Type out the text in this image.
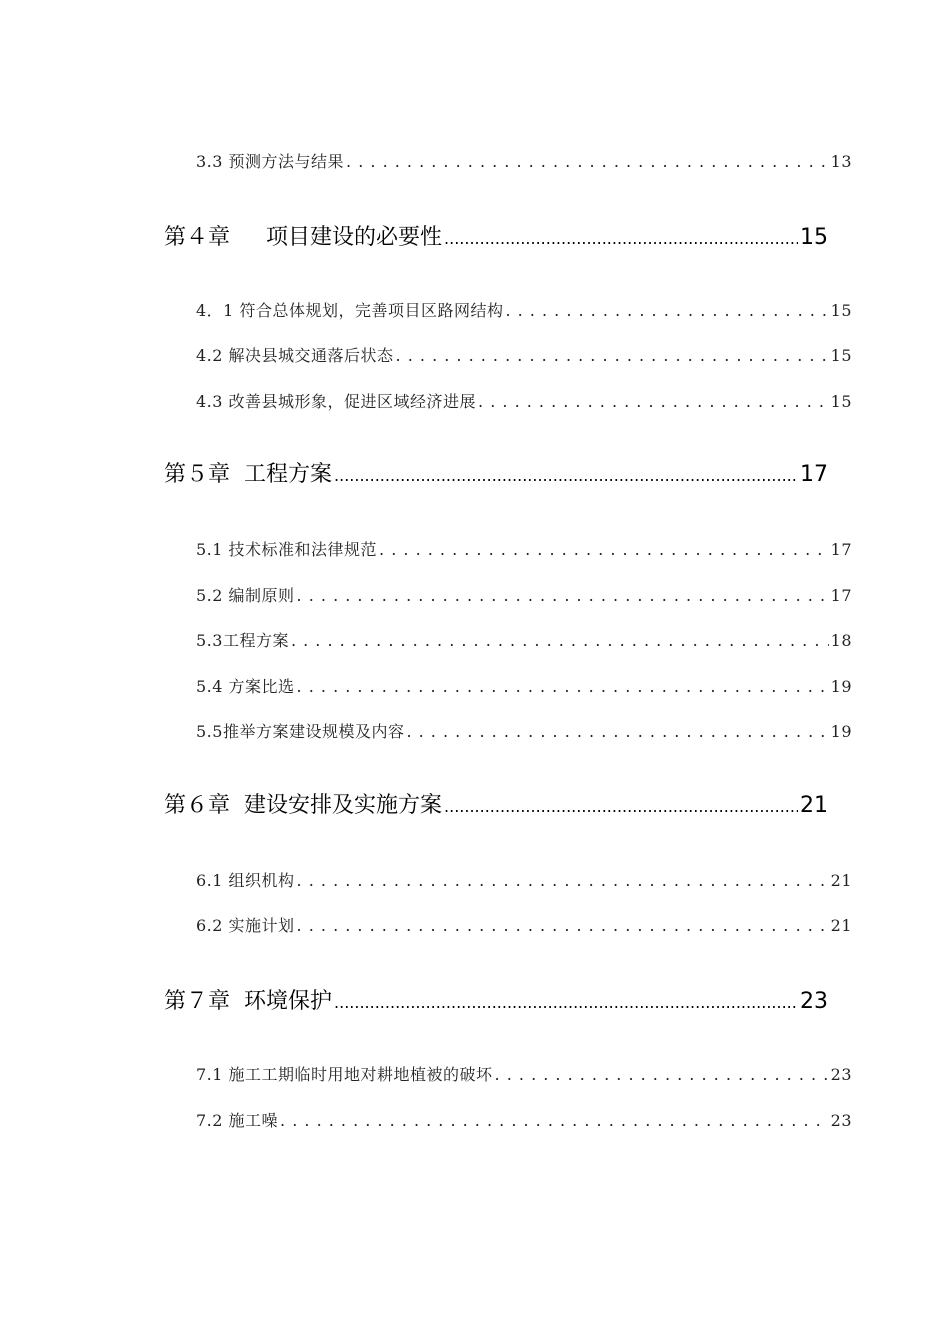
3.3 预测方法与结果 . . .	13
第４章 项目建设的必要性 .....	15
4．1 符合总体规划，完善项目区路网结构 . . .	15
4.2 解决县城交通落后状态 . . .	15
4.3 改善县城形象，促进区域经济进展 . . .	15
第５章 工程方案 .....	17
5.1 技术标准和法律规范 . . .	17
5.2 编制原则 . . .	17
5.3工程方案 . . .	18
5.4 方案比选 . . .	19
5.5推举方案建设规模及内容 . . .	19
第６章 建设安排及实施方案 .....	21
6.1 组织机构 . . .	21
6.2 实施计划 . . .	21
第７章 环境保护 .....	23
7.1 施工工期临时用地对耕地植被的破坏 . . .	23
7.2 施工噪 . . .	23
